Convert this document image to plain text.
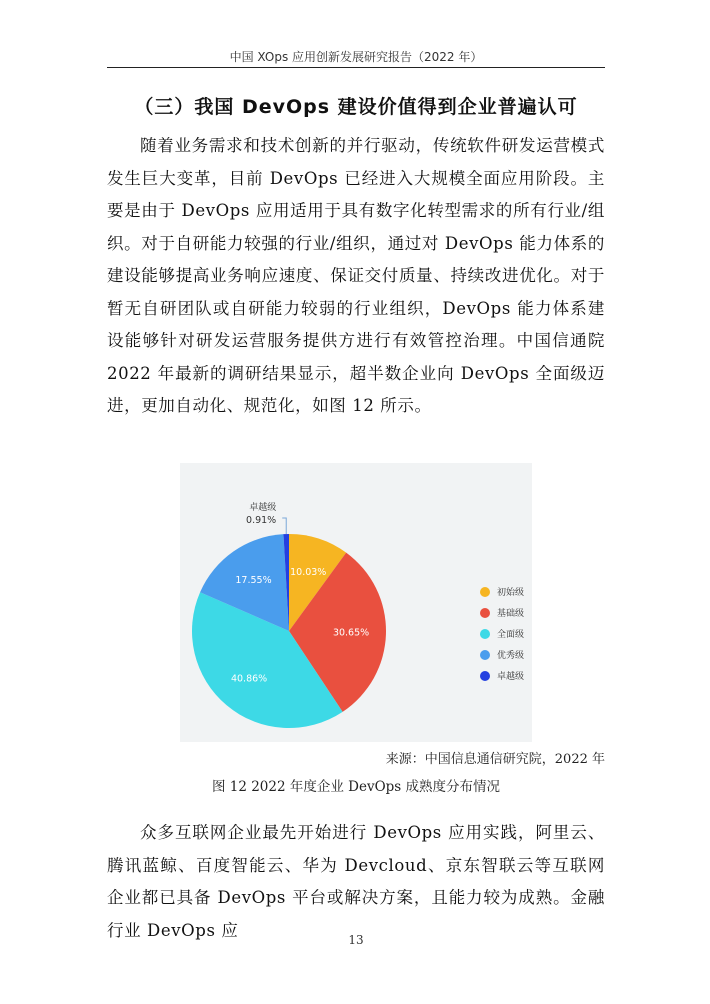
中国 XOps 应用创新发展研究报告（2022 年）
（三）我国 DevOps 建设价值得到企业普遍认可
随着业务需求和技术创新的并行驱动，传统软件研发运营模式发生巨大变革，目前 DevOps 已经进入大规模全面应用阶段。主要是由于 DevOps 应用适用于具有数字化转型需求的所有行业/组织。对于自研能力较强的行业/组织，通过对 DevOps 能力体系的建设能够提高业务响应速度、保证交付质量、持续改进优化。对于暂无自研团队或自研能力较弱的行业组织，DevOps 能力体系建设能够针对研发运营服务提供方进行有效管控治理。中国信通院 2022 年最新的调研结果显示，超半数企业向 DevOps 全面级迈进，更加自动化、规范化，如图 12 所示。
10.03%
30.65%
40.86%
17.55%
卓越级
0.91%
初始级
基础级
全面级
优秀级
卓越级
来源：中国信息通信研究院，2022 年
图 12 2022 年度企业 DevOps 成熟度分布情况
众多互联网企业最先开始进行 DevOps 应用实践，阿里云、腾讯蓝鲸、百度智能云、华为 Devcloud、京东智联云等互联网企业都已具备 DevOps 平台或解决方案，且能力较为成熟。金融行业 DevOps 应
13
